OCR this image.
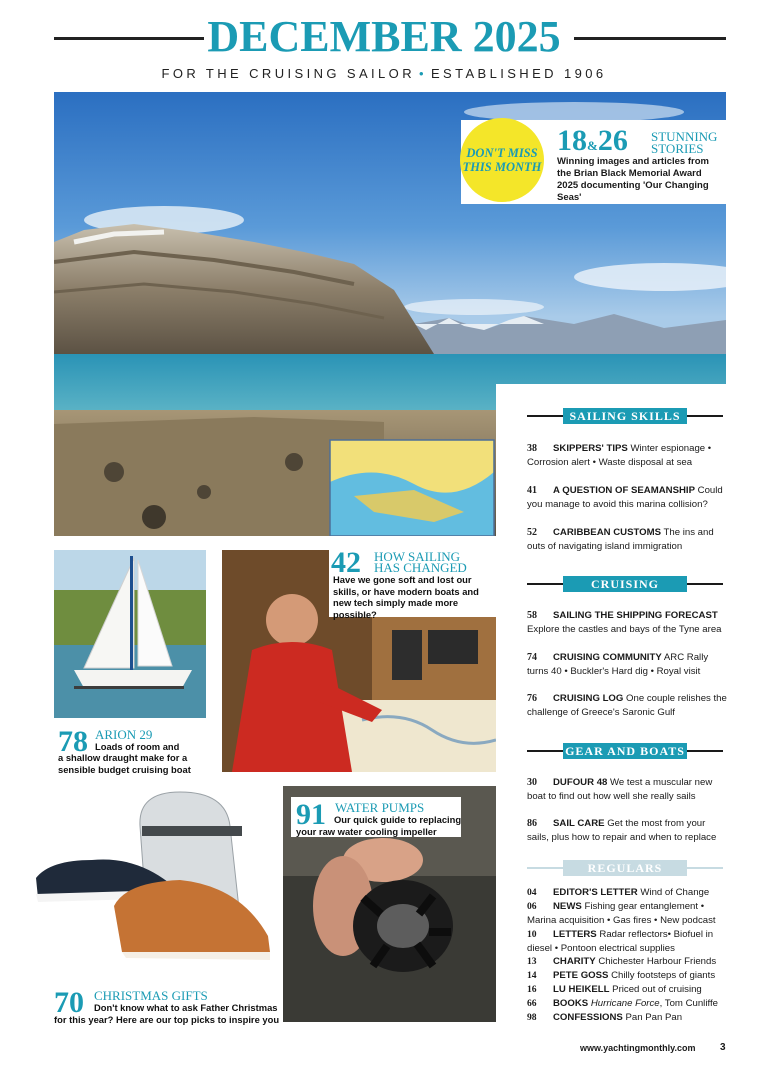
DECEMBER 2025
FOR THE CRUISING SAILOR • ESTABLISHED 1906
DON'T MISS THIS MONTH
18&26 STUNNING
STORIES
Winning images and articles from the Brian Black Memorial Award 2025 documenting 'Our Changing Seas'
SAILING SKILLS
38 SKIPPERS' TIPS Winter espionage • Corrosion alert • Waste disposal at sea
41 A QUESTION OF SEAMANSHIP Could you manage to avoid this marina collision?
52 CARIBBEAN CUSTOMS The ins and outs of navigating island immigration
CRUISING
58 SAILING THE SHIPPING FORECAST Explore the castles and bays of the Tyne area
74 CRUISING COMMUNITY ARC Rally turns 40 • Buckler's Hard dig • Royal visit
76 CRUISING LOG One couple relishes the challenge of Greece's Saronic Gulf
GEAR AND BOATS
30 DUFOUR 48 We test a muscular new boat to find out how well she really sails
86 SAIL CARE Get the most from your sails, plus how to repair and when to replace
REGULARS
04 EDITOR'S LETTER Wind of Change
06 NEWS Fishing gear entanglement • Marina acquisition • Gas fires • New podcast
10 LETTERS Radar reflectors• Biofuel in diesel • Pontoon electrical supplies
13 CHARITY Chichester Harbour Friends
14 PETE GOSS Chilly footsteps of giants
16 LU HEIKELL Priced out of cruising
66 BOOKS Hurricane Force, Tom Cunliffe
98 CONFESSIONS Pan Pan Pan
42 HOW SAILING
HAS CHANGED
Have we gone soft and lost our skills, or have modern boats and new tech simply made more possible?
78 ARION 29
Loads of room and
a shallow draught make for a sensible budget cruising boat
70 CHRISTMAS GIFTS
Don't know what to ask Father Christmas for this year? Here are our top picks to inspire you
91 WATER PUMPS
Our quick guide to replacing your raw water cooling impeller
www.yachtingmonthly.com 3
